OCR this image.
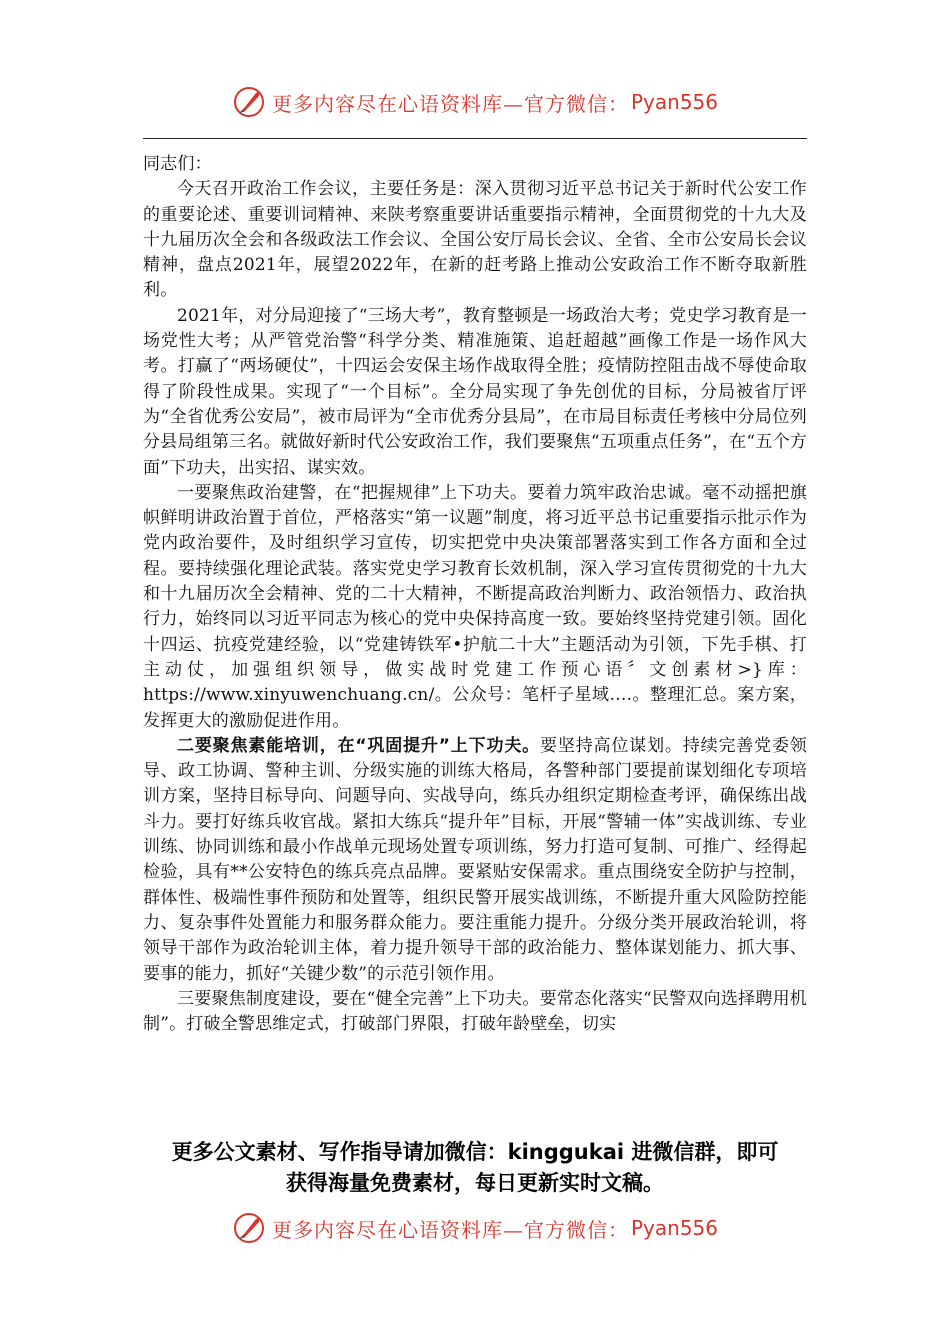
更多内容尽在心语资料库—官方微信： Pyan556

同志们：

今天召开政治工作会议，主要任务是：深入贯彻习近平总书记关于新时代公安工作的重要论述、重要训词精神、来陕考察重要讲话重要指示精神，全面贯彻党的十九大及十九届历次全会和各级政法工作会议、全国公安厅局长会议、全省、全市公安局长会议精神，盘点2021年，展望2022年，在新的赶考路上推动公安政治工作不断夺取新胜利。

2021年，对分局迎接了“三场大考”，教育整顿是一场政治大考；党史学习教育是一场党性大考；从严管党治警“科学分类、精准施策、追赶超越”画像工作是一场作风大考。打赢了“两场硬仗”，十四运会安保主场作战取得全胜；疫情防控阻击战不辱使命取得了阶段性成果。实现了“一个目标”。全分局实现了争先创优的目标，分局被省厅评为“全省优秀公安局”，被市局评为“全市优秀分县局”，在市局目标责任考核中分局位列分县局组第三名。就做好新时代公安政治工作，我们要聚焦“五项重点任务”，在“五个方面”下功夫，出实招、谋实效。

一要聚焦政治建警，在“把握规律”上下功夫。要着力筑牢政治忠诚。毫不动摇把旗帜鲜明讲政治置于首位，严格落实“第一议题”制度，将习近平总书记重要指示批示作为党内政治要件，及时组织学习宣传，切实把党中央决策部署落实到工作各方面和全过程。要持续强化理论武装。落实党史学习教育长效机制，深入学习宣传贯彻党的十九大和十九届历次全会精神、党的二十大精神，不断提高政治判断力、政治领悟力、政治执行力，始终同以习近平同志为核心的党中央保持高度一致。要始终坚持党建引领。固化十四运、抗疫党建经验，以“党建铸铁军•护航二十大”主题活动为引领，下先手棋、打主动仗，加强组织领导，做实战时党建工作预心语〞文创素材>}库：https://www.xinyuwenchuang.cn/。公众号：笔杆子星域.…。整理汇总。案方案，发挥更大的激励促进作用。

二要聚焦素能培训，在“巩固提升”上下功夫。要坚持高位谋划。持续完善党委领导、政工协调、警种主训、分级实施的训练大格局，各警种部门要提前谋划细化专项培训方案，坚持目标导向、问题导向、实战导向，练兵办组织定期检查考评，确保练出战斗力。要打好练兵收官战。紧扣大练兵“提升年”目标，开展“警辅一体”实战训练、专业训练、协同训练和最小作战单元现场处置专项训练，努力打造可复制、可推广、经得起检验，具有**公安特色的练兵亮点品牌。要紧贴安保需求。重点围绕安全防护与控制，群体性、极端性事件预防和处置等，组织民警开展实战训练，不断提升重大风险防控能力、复杂事件处置能力和服务群众能力。要注重能力提升。分级分类开展政治轮训，将领导干部作为政治轮训主体，着力提升领导干部的政治能力、整体谋划能力、抓大事、要事的能力，抓好“关键少数”的示范引领作用。

三要聚焦制度建设，要在“健全完善”上下功夫。要常态化落实“民警双向选择聘用机制”。打破全警思维定式，打破部门界限，打破年龄壁垒，切实

更多公文素材、写作指导请加微信：kinggukai 进微信群，即可
获得海量免费素材，每日更新实时文稿。
更多内容尽在心语资料库—官方微信： Pyan556
